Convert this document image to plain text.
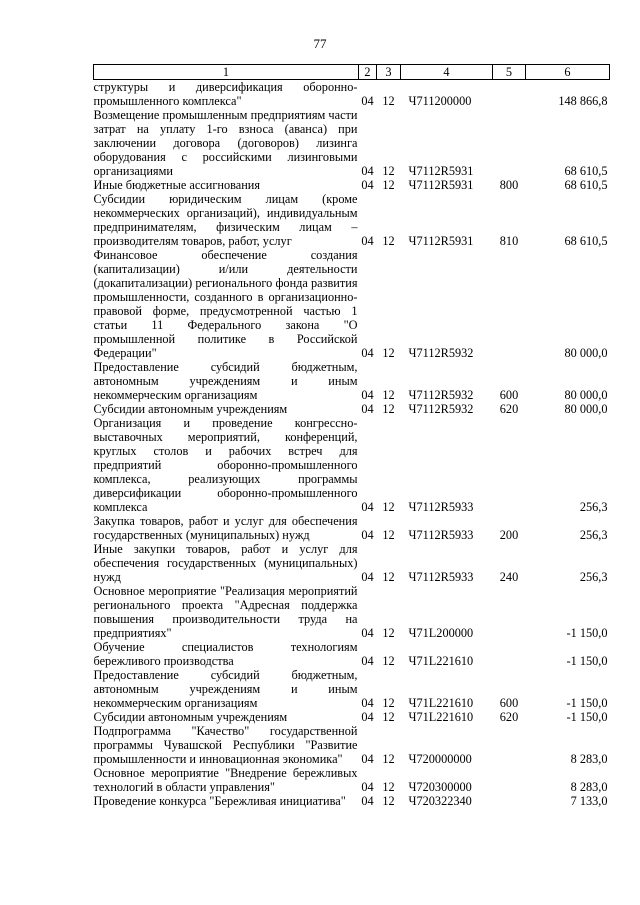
77
1	2	3	4	5	6

структуры и диверсификация оборонно-промышленного комплекса"	04	12	Ч711200000		148 866,8

Возмещение промышленным предприятиям части затрат на уплату 1-го взноса (аванса) при заключении договора (договоров) лизинга оборудования с российскими лизинговыми организациями	04	12	Ч7112R5931		68 610,5

Иные бюджетные ассигнования	04	12	Ч7112R5931	800	68 610,5

Субсидии юридическим лицам (кроме некоммерческих организаций), индивидуальным предпринимателям, физическим лицам – производителям товаров, работ, услуг	04	12	Ч7112R5931	810	68 610,5

Финансовое обеспечение создания (капитализации) и/или деятельности (докапитализации) регионального фонда развития промышленности, созданного в организационно-правовой форме, предусмотренной частью 1 статьи 11 Федерального закона "О промышленной политике в Российской Федерации"	04	12	Ч7112R5932		80 000,0

Предоставление субсидий бюджетным, автономным учреждениям и иным некоммерческим организациям	04	12	Ч7112R5932	600	80 000,0

Субсидии автономным учреждениям	04	12	Ч7112R5932	620	80 000,0

Организация и проведение конгрессно-выставочных мероприятий, конференций, круглых столов и рабочих встреч для предприятий оборонно-промышленного комплекса, реализующих программы диверсификации оборонно-промышленного комплекса	04	12	Ч7112R5933		256,3

Закупка товаров, работ и услуг для обеспечения государственных (муниципальных) нужд	04	12	Ч7112R5933	200	256,3

Иные закупки товаров, работ и услуг для обеспечения государственных (муниципальных) нужд	04	12	Ч7112R5933	240	256,3

Основное мероприятие "Реализация мероприятий регионального проекта "Адресная поддержка повышения производительности труда на предприятиях"	04	12	Ч71L200000		-1 150,0

Обучение специалистов технологиям бережливого производства	04	12	Ч71L221610		-1 150,0

Предоставление субсидий бюджетным, автономным учреждениям и иным некоммерческим организациям	04	12	Ч71L221610	600	-1 150,0

Субсидии автономным учреждениям	04	12	Ч71L221610	620	-1 150,0

Подпрограмма "Качество" государственной программы Чувашской Республики "Развитие промышленности и инновационная экономика"	04	12	Ч720000000		8 283,0

Основное мероприятие "Внедрение бережливых технологий в области управления"	04	12	Ч720300000		8 283,0

Проведение конкурса "Бережливая инициатива"	04	12	Ч720322340		7 133,0
